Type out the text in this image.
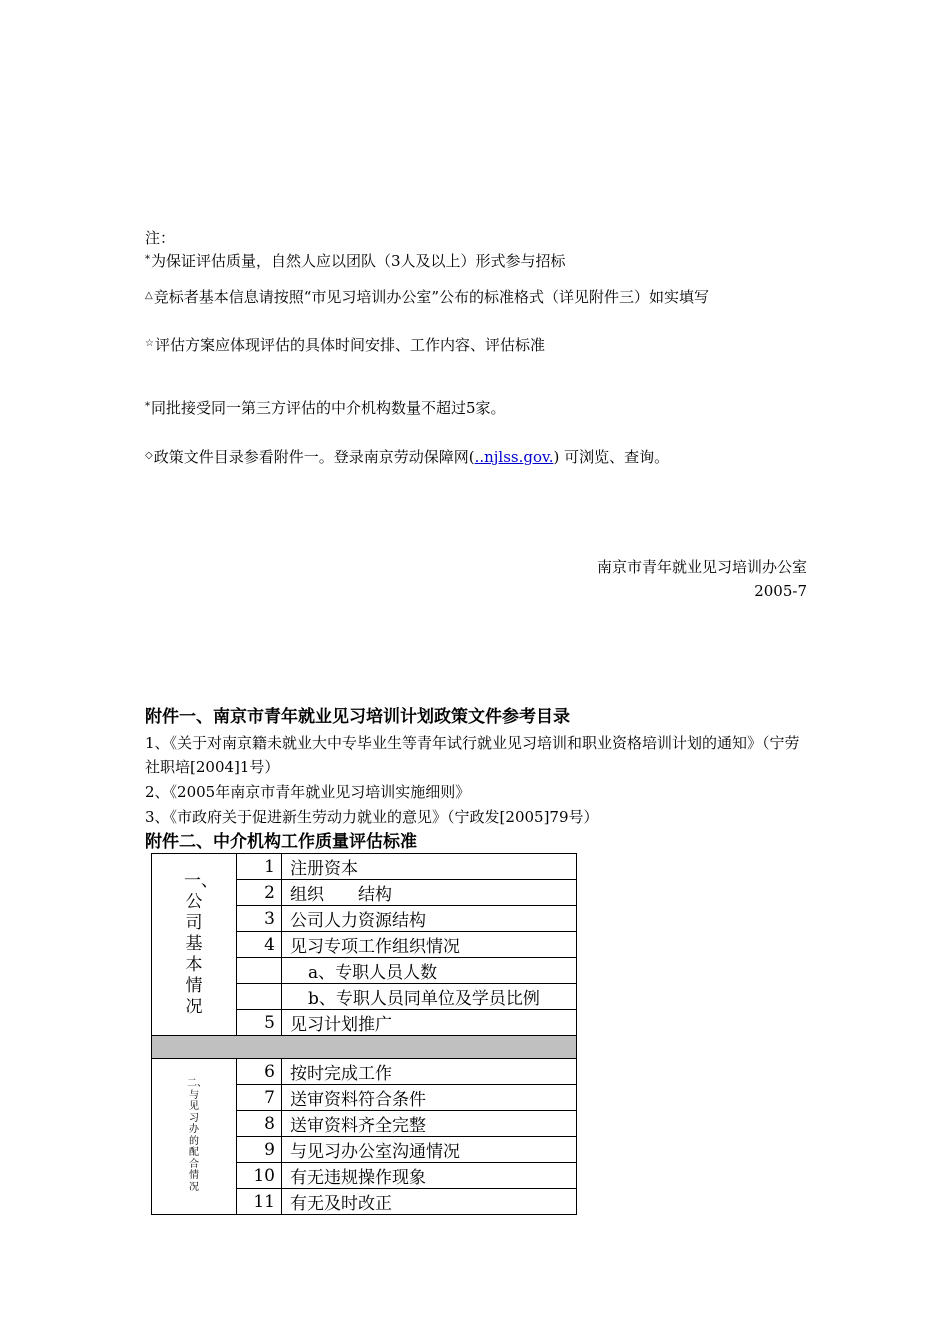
注：
*为保证评估质量，自然人应以团队（3人及以上）形式参与招标
△竞标者基本信息请按照“市见习培训办公室”公布的标准格式（详见附件三）如实填写
☆评估方案应体现评估的具体时间安排、工作内容、评估标准
*同批接受同一第三方评估的中介机构数量不超过5家。
◇政策文件目录参看附件一。登录南京劳动保障网(..njlss.gov.) 可浏览、查询。
南京市青年就业见习培训办公室
2005-7
附件一、南京市青年就业见习培训计划政策文件参考目录
1、《关于对南京籍未就业大中专毕业生等青年试行就业见习培训和职业资格培训计划的通知》（宁劳社职培[2004]1号）
2、《2005年南京市青年就业见习培训实施细则》
3、《市政府关于促进新生劳动力就业的意见》（宁政发[2005]79号）
附件二、中介机构工作质量评估标准
一、公司基本情况	1	注册资本
	2	组织　　结构
	3	公司人力资源结构
	4	见习专项工作组织情况
		a、专职人员人数
		b、专职人员同单位及学员比例
	5	见习计划推广

二、与见习办的配合情况	6	按时完成工作
	7	送审资料符合条件
	8	送审资料齐全完整
	9	与见习办公室沟通情况
	10	有无违规操作现象
	11	有无及时改正
